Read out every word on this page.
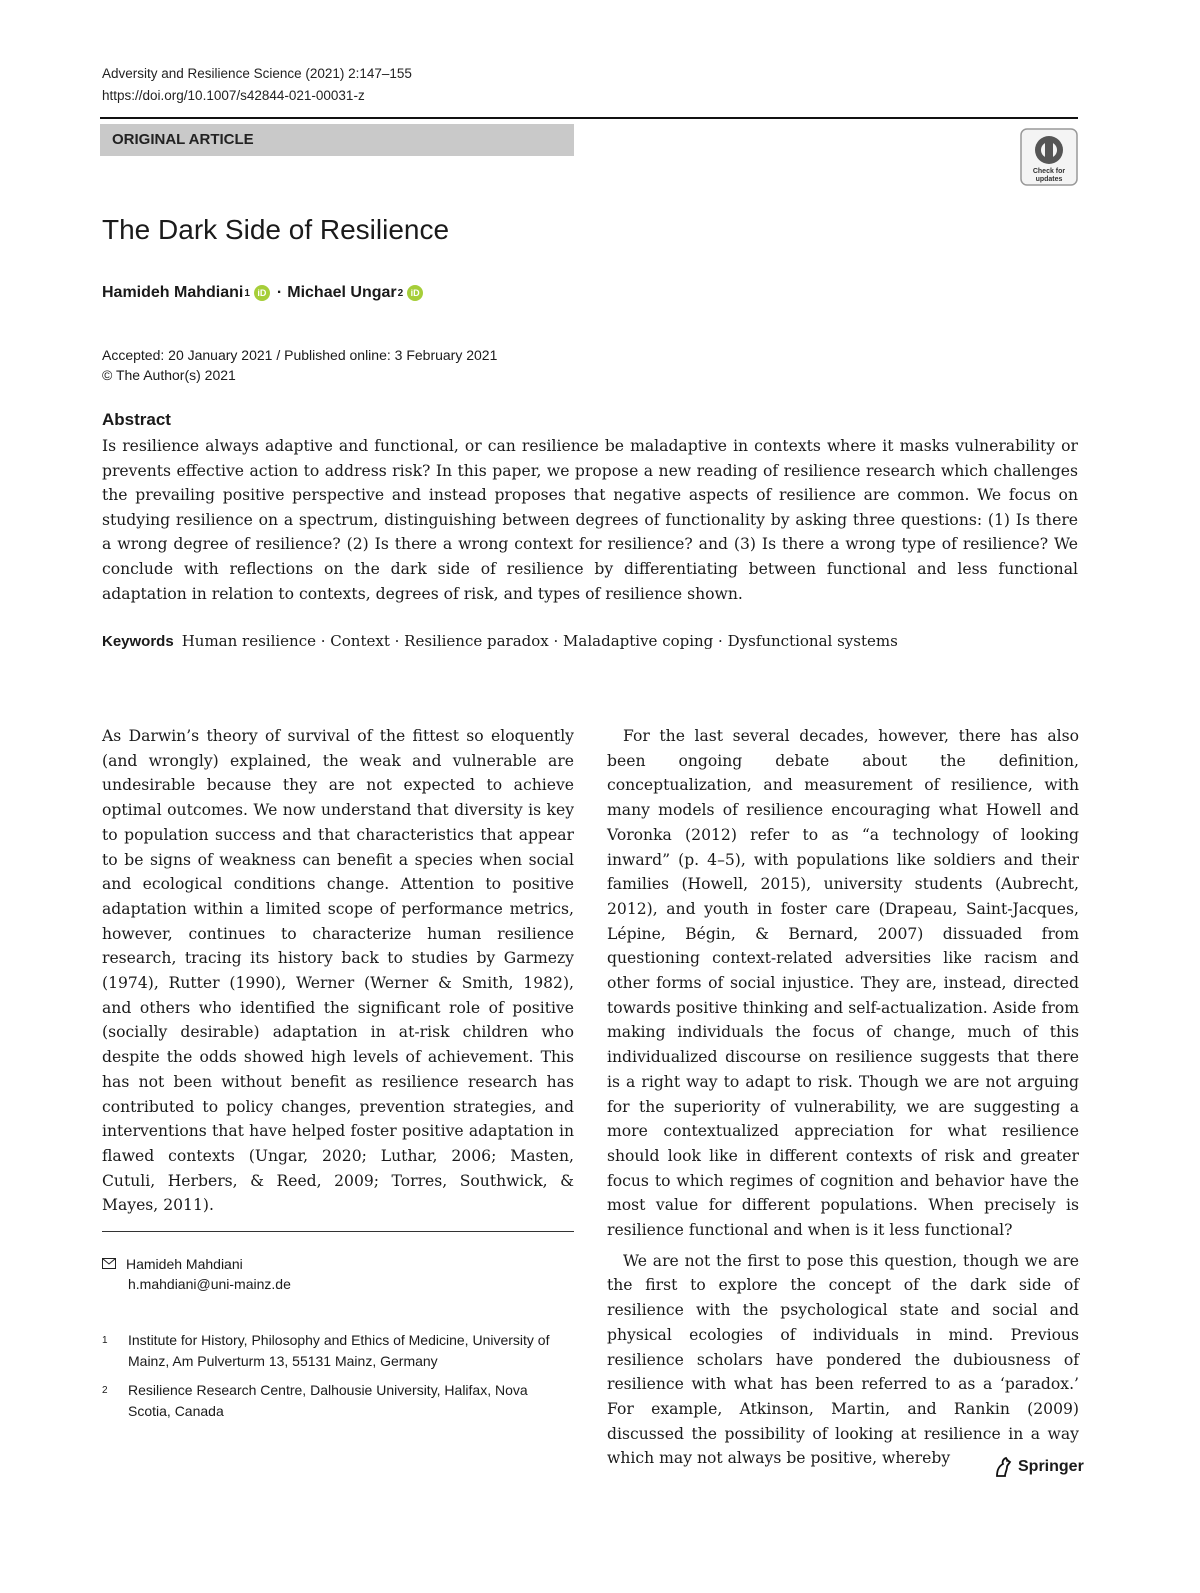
Adversity and Resilience Science (2021) 2:147–155
https://doi.org/10.1007/s42844-021-00031-z
ORIGINAL ARTICLE
Check for
updates
The Dark Side of Resilience
Hamideh Mahdiani 1 iD · Michael Ungar 2 iD
Accepted: 20 January 2021 / Published online: 3 February 2021
© The Author(s) 2021
Abstract
Is resilience always adaptive and functional, or can resilience be maladaptive in contexts where it masks vulnerability or prevents effective action to address risk? In this paper, we propose a new reading of resilience research which challenges the prevailing positive perspective and instead proposes that negative aspects of resilience are common. We focus on studying resilience on a spectrum, distinguishing between degrees of functionality by asking three questions: (1) Is there a wrong degree of resilience? (2) Is there a wrong context for resilience? and (3) Is there a wrong type of resilience? We conclude with reflections on the dark side of resilience by differentiating between functional and less functional adaptation in relation to contexts, degrees of risk, and types of resilience shown.
Keywords Human resilience · Context · Resilience paradox · Maladaptive coping · Dysfunctional systems

As Darwin’s theory of survival of the fittest so eloquently (and wrongly) explained, the weak and vulnerable are undesirable because they are not expected to achieve optimal outcomes. We now understand that diversity is key to population success and that characteristics that appear to be signs of weakness can benefit a species when social and ecological conditions change. Attention to positive adaptation within a limited scope of performance metrics, however, continues to characterize human resilience research, tracing its history back to studies by Garmezy (1974), Rutter (1990), Werner (Werner & Smith, 1982), and others who identified the significant role of positive (socially desirable) adaptation in at-risk children who despite the odds showed high levels of achievement. This has not been without benefit as resilience research has contributed to policy changes, prevention strategies, and interventions that have helped foster positive adaptation in flawed contexts (Ungar, 2020; Luthar, 2006; Masten, Cutuli, Herbers, & Reed, 2009; Torres, Southwick, & Mayes, 2011).

For the last several decades, however, there has also been ongoing debate about the definition, conceptualization, and measurement of resilience, with many models of resilience encouraging what Howell and Voronka (2012) refer to as “a technology of looking inward” (p. 4–5), with populations like soldiers and their families (Howell, 2015), university students (Aubrecht, 2012), and youth in foster care (Drapeau, Saint-Jacques, Lépine, Bégin, & Bernard, 2007) dissuaded from questioning context-related adversities like racism and other forms of social injustice. They are, instead, directed towards positive thinking and self-actualization. Aside from making individuals the focus of change, much of this individualized discourse on resilience suggests that there is a right way to adapt to risk. Though we are not arguing for the superiority of vulnerability, we are suggesting a more contextualized appreciation for what resilience should look like in different contexts of risk and greater focus to which regimes of cognition and behavior have the most value for different populations. When precisely is resilience functional and when is it less functional?

We are not the first to pose this question, though we are the first to explore the concept of the dark side of resilience with the psychological state and social and physical ecologies of individuals in mind. Previous resilience scholars have pondered the dubiousness of resilience with what has been referred to as a ‘paradox.’ For example, Atkinson, Martin, and Rankin (2009) discussed the possibility of looking at resilience in a way which may not always be positive, whereby

Hamideh Mahdiani
h.mahdiani@uni-mainz.de
1	Institute for History, Philosophy and Ethics of Medicine, University of Mainz, Am Pulverturm 13, 55131 Mainz, Germany
2	Resilience Research Centre, Dalhousie University, Halifax, Nova Scotia, Canada
Springer
